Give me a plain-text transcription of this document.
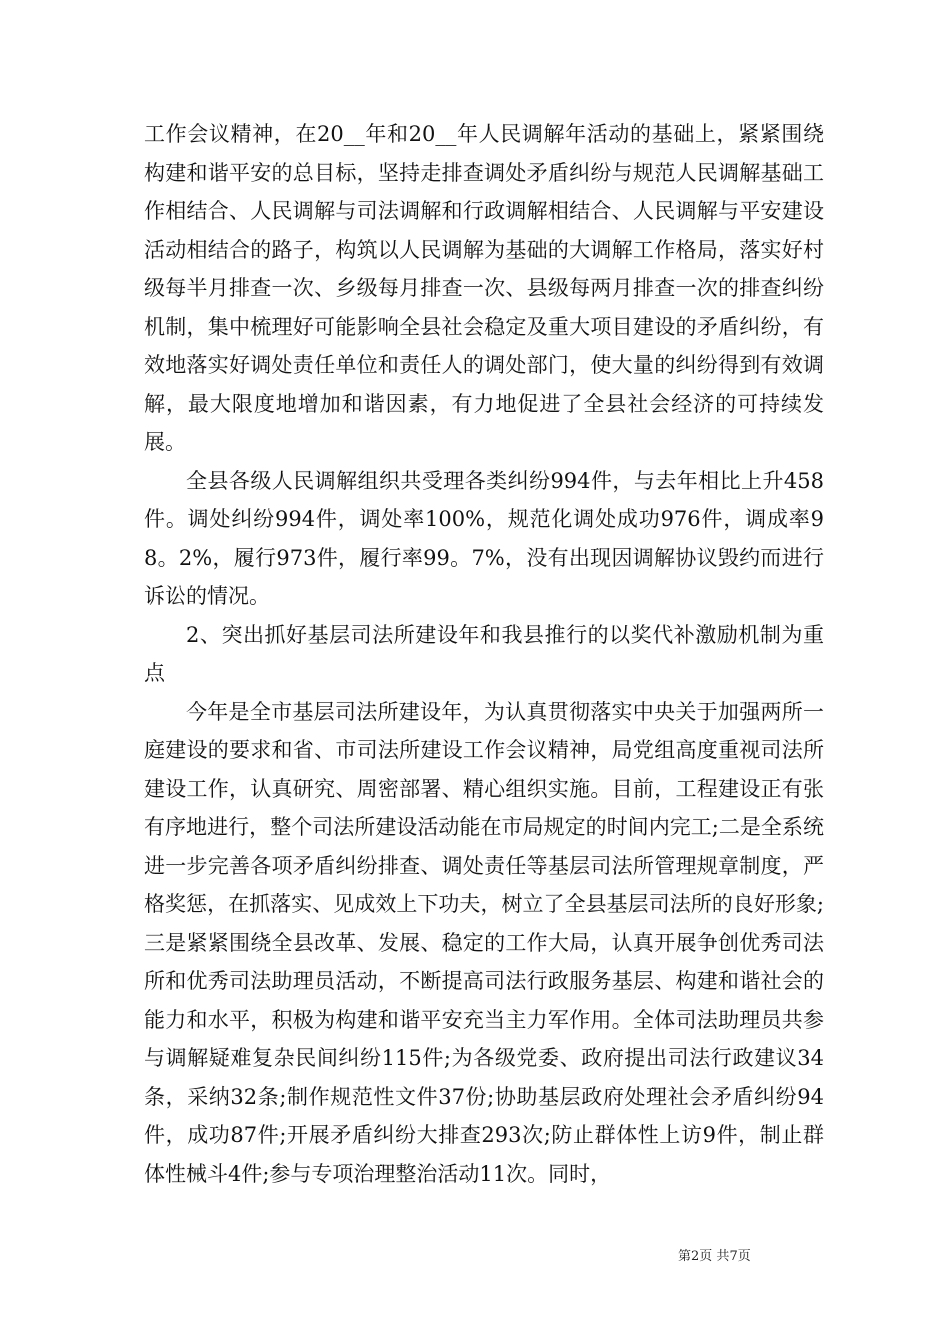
工作会议精神，在20__年和20__年人民调解年活动的基础上，紧紧围绕构建和谐平安的总目标，坚持走排查调处矛盾纠纷与规范人民调解基础工作相结合、人民调解与司法调解和行政调解相结合、人民调解与平安建设活动相结合的路子，构筑以人民调解为基础的大调解工作格局，落实好村级每半月排查一次、乡级每月排查一次、县级每两月排查一次的排查纠纷机制，集中梳理好可能影响全县社会稳定及重大项目建设的矛盾纠纷，有效地落实好调处责任单位和责任人的调处部门，使大量的纠纷得到有效调解，最大限度地增加和谐因素，有力地促进了全县社会经济的可持续发展。

全县各级人民调解组织共受理各类纠纷994件，与去年相比上升458件。调处纠纷994件，调处率100%，规范化调处成功976件，调成率98。2%，履行973件，履行率99。7%，没有出现因调解协议毁约而进行诉讼的情况。

2、突出抓好基层司法所建设年和我县推行的以奖代补激励机制为重点

今年是全市基层司法所建设年，为认真贯彻落实中央关于加强两所一庭建设的要求和省、市司法所建设工作会议精神，局党组高度重视司法所建设工作，认真研究、周密部署、精心组织实施。目前，工程建设正有张有序地进行，整个司法所建设活动能在市局规定的时间内完工;二是全系统进一步完善各项矛盾纠纷排查、调处责任等基层司法所管理规章制度，严格奖惩，在抓落实、见成效上下功夫，树立了全县基层司法所的良好形象;三是紧紧围绕全县改革、发展、稳定的工作大局，认真开展争创优秀司法所和优秀司法助理员活动，不断提高司法行政服务基层、构建和谐社会的能力和水平，积极为构建和谐平安充当主力军作用。全体司法助理员共参与调解疑难复杂民间纠纷115件;为各级党委、政府提出司法行政建议34条，采纳32条;制作规范性文件37份;协助基层政府处理社会矛盾纠纷94件，成功87件;开展矛盾纠纷大排查293次;防止群体性上访9件，制止群体性械斗4件;参与专项治理整治活动11次。同时，

第2页 共7页
